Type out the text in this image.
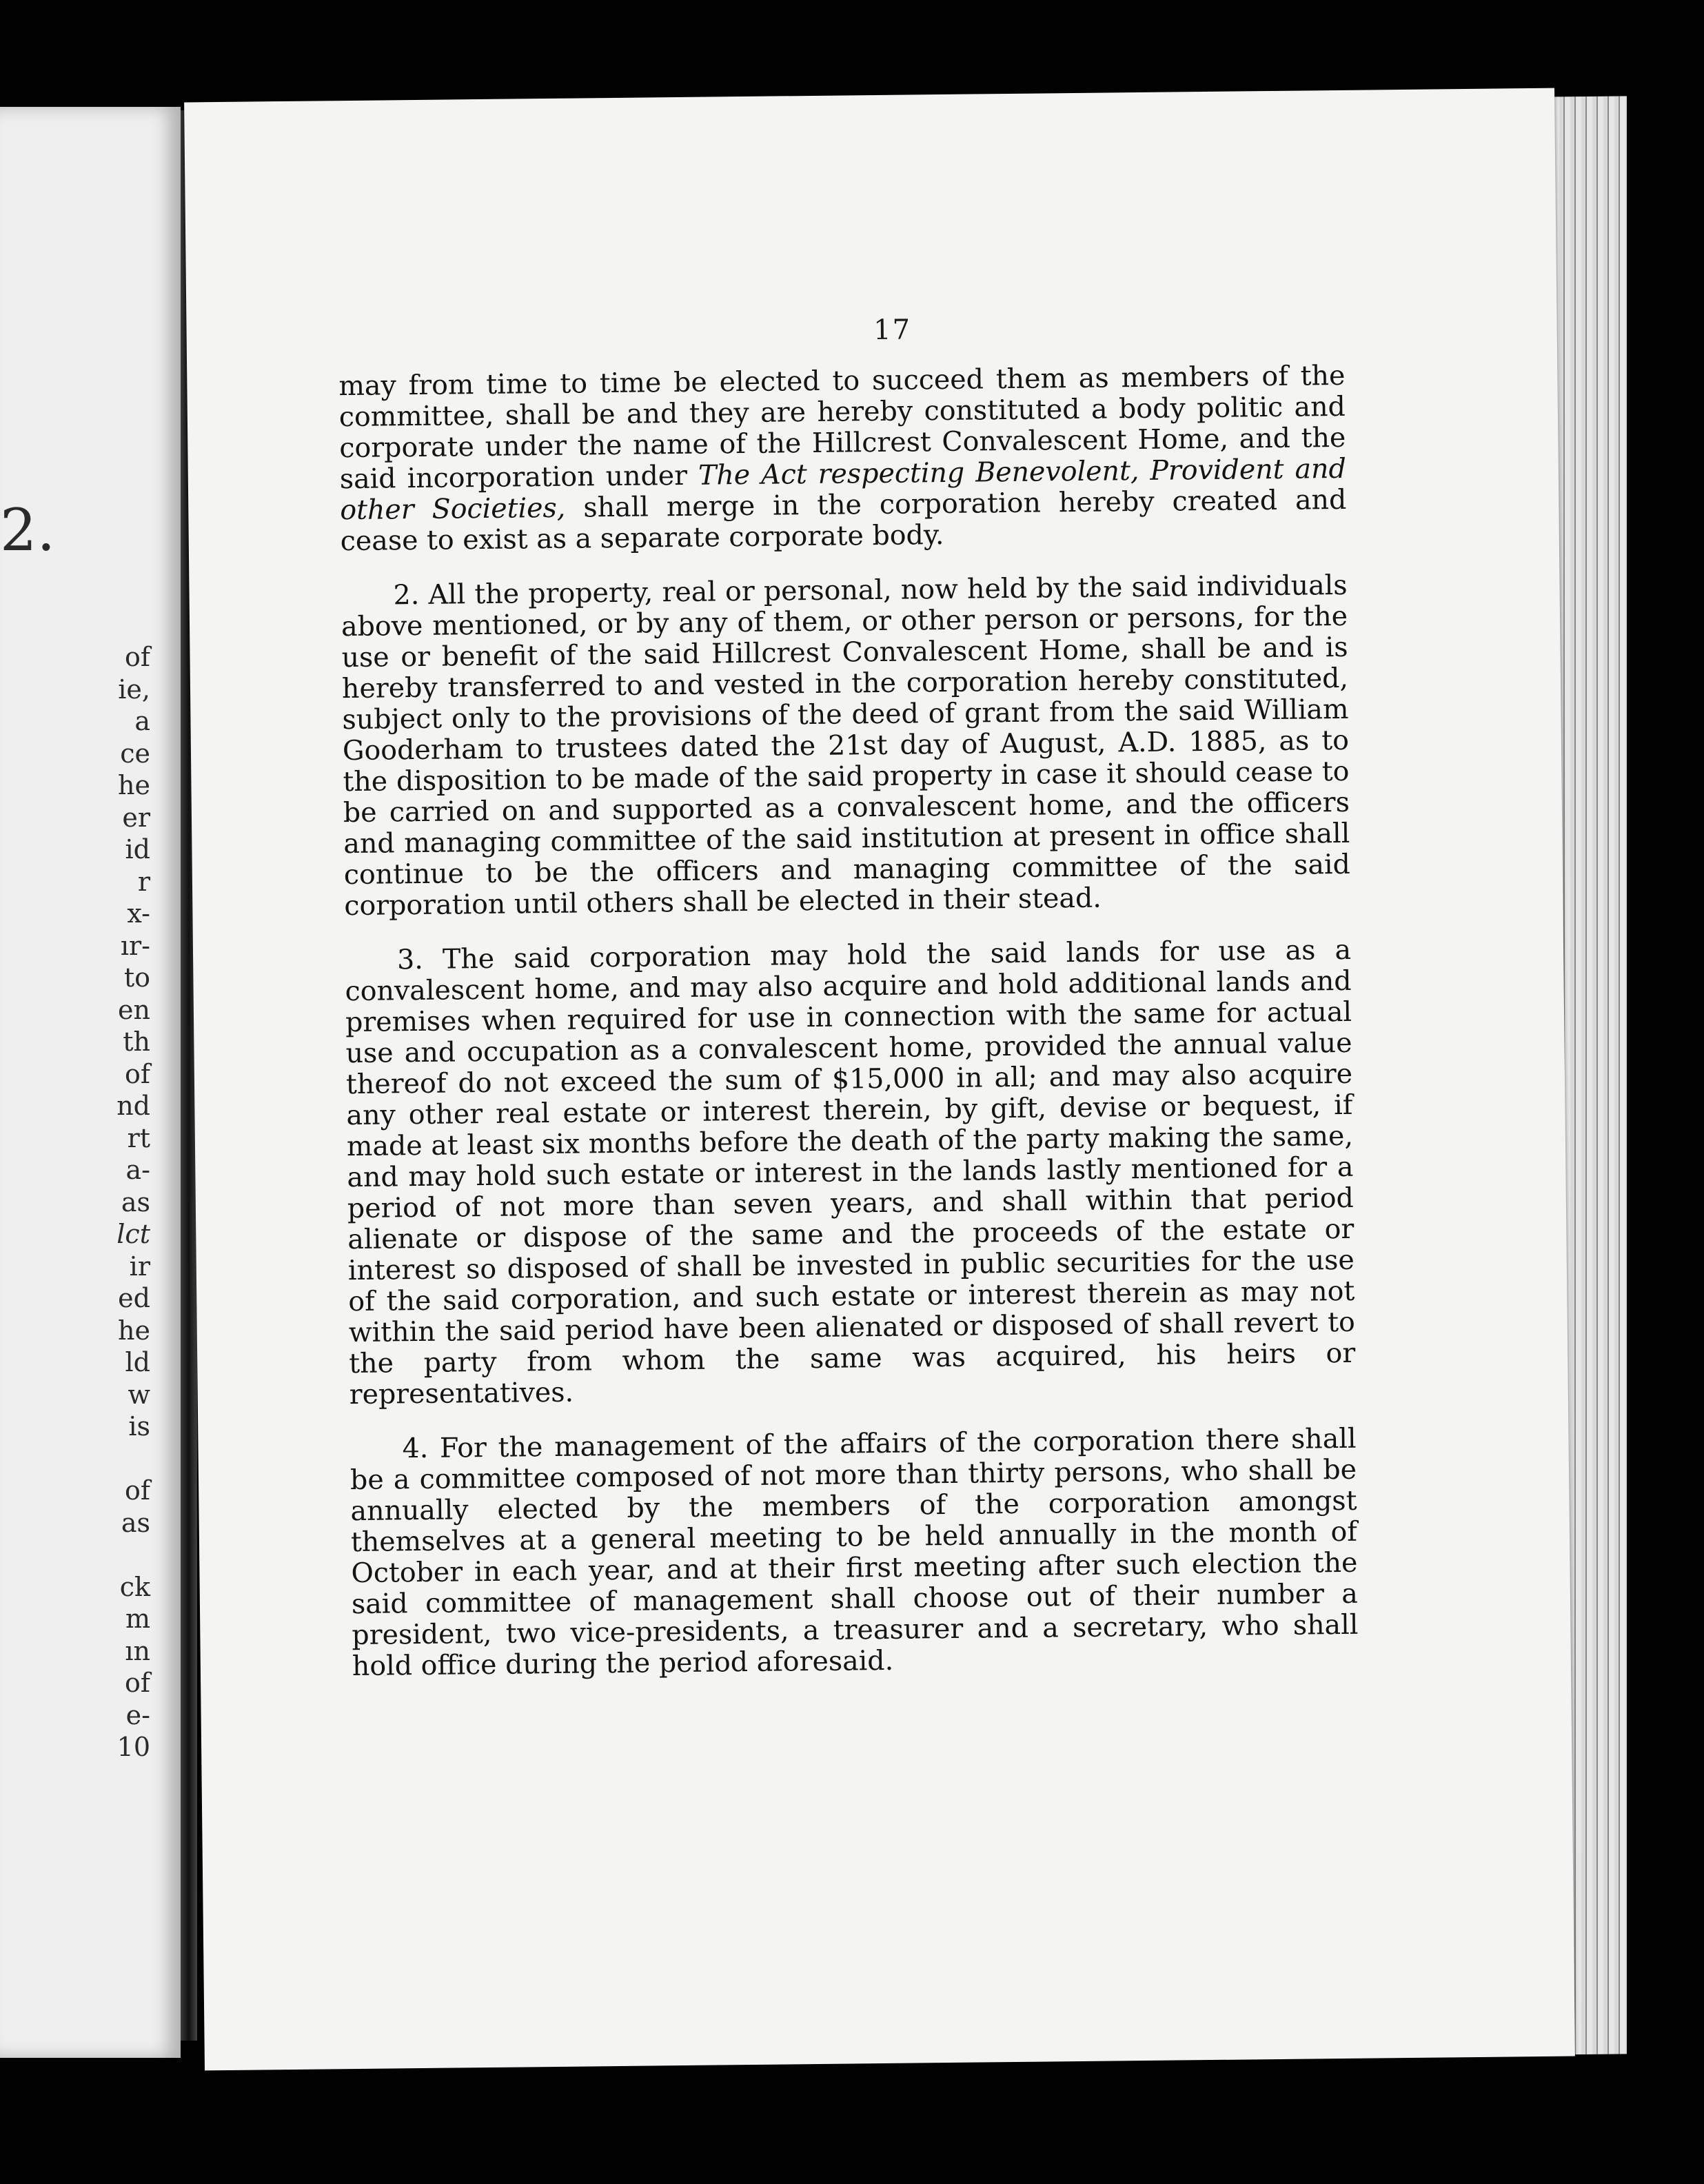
2.
of
ie,
a
ce
he
er
id
r
x-
ır-
to
en
th
of
nd
rt
a-
as
lct
ir
ed
he
ld
w
is
of
as
ck
m
ın
of
e-
10
17

may from time to time be elected to succeed them as members of the committee, shall be and they are hereby constituted a body politic and corporate under the name of the Hillcrest Convalescent Home, and the said incorporation under The Act respecting Benevolent, Provident and other Societies, shall merge in the corporation hereby created and cease to exist as a separate corporate body.

2. All the property, real or personal, now held by the said individuals above mentioned, or by any of them, or other person or persons, for the use or benefit of the said Hillcrest Convalescent Home, shall be and is hereby transferred to and vested in the corporation hereby constituted, subject only to the provisions of the deed of grant from the said William Gooderham to trustees dated the 21st day of August, A.D. 1885, as to the disposition to be made of the said property in case it should cease to be carried on and supported as a convalescent home, and the officers and managing committee of the said institution at present in office shall continue to be the officers and managing committee of the said corporation until others shall be elected in their stead.

3. The said corporation may hold the said lands for use as a convalescent home, and may also acquire and hold additional lands and premises when required for use in connection with the same for actual use and occupation as a convalescent home, provided the annual value thereof do not exceed the sum of $15,000 in all; and may also acquire any other real estate or interest therein, by gift, devise or bequest, if made at least six months before the death of the party making the same, and may hold such estate or interest in the lands lastly mentioned for a period of not more than seven years, and shall within that period alienate or dispose of the same and the proceeds of the estate or interest so disposed of shall be invested in public securities for the use of the said corporation, and such estate or interest therein as may not within the said period have been alienated or disposed of shall revert to the party from whom the same was acquired, his heirs or representatives.

4. For the management of the affairs of the corporation there shall be a committee composed of not more than thirty persons, who shall be annually elected by the members of the corporation amongst themselves at a general meeting to be held annually in the month of October in each year, and at their first meeting after such election the said committee of management shall choose out of their number a president, two vice-presidents, a treasurer and a secretary, who shall hold office during the period aforesaid.
